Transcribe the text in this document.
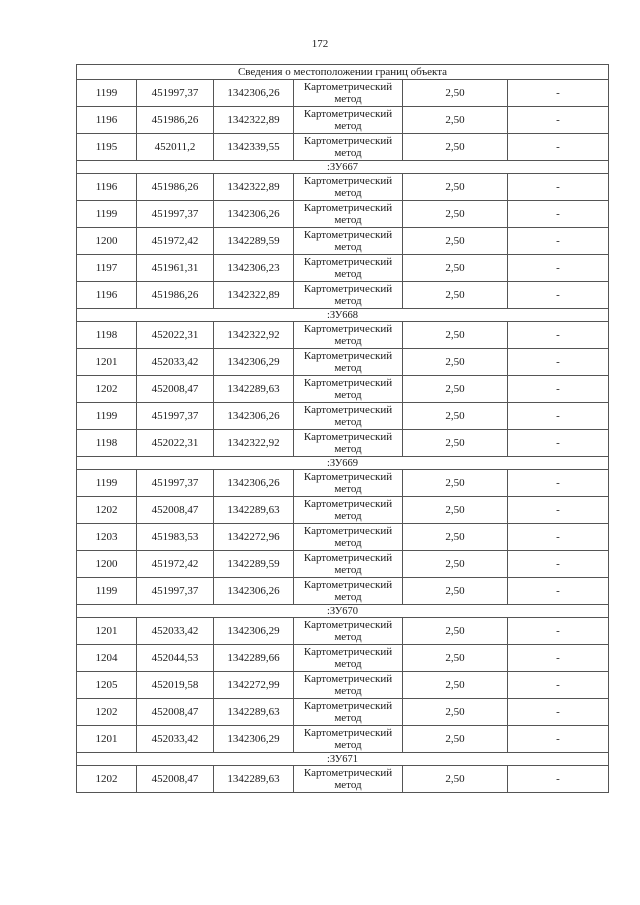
172
Сведения о местоположении границ объекта					
1199	451997,37	1342306,26	Картометрический метод	2,50	-
1196	451986,26	1342322,89	Картометрический метод	2,50	-
1195	452011,2	1342339,55	Картометрический метод	2,50	-
:ЗУ667					
1196	451986,26	1342322,89	Картометрический метод	2,50	-
1199	451997,37	1342306,26	Картометрический метод	2,50	-
1200	451972,42	1342289,59	Картометрический метод	2,50	-
1197	451961,31	1342306,23	Картометрический метод	2,50	-
1196	451986,26	1342322,89	Картометрический метод	2,50	-
:ЗУ668					
1198	452022,31	1342322,92	Картометрический метод	2,50	-
1201	452033,42	1342306,29	Картометрический метод	2,50	-
1202	452008,47	1342289,63	Картометрический метод	2,50	-
1199	451997,37	1342306,26	Картометрический метод	2,50	-
1198	452022,31	1342322,92	Картометрический метод	2,50	-
:ЗУ669					
1199	451997,37	1342306,26	Картометрический метод	2,50	-
1202	452008,47	1342289,63	Картометрический метод	2,50	-
1203	451983,53	1342272,96	Картометрический метод	2,50	-
1200	451972,42	1342289,59	Картометрический метод	2,50	-
1199	451997,37	1342306,26	Картометрический метод	2,50	-
:ЗУ670					
1201	452033,42	1342306,29	Картометрический метод	2,50	-
1204	452044,53	1342289,66	Картометрический метод	2,50	-
1205	452019,58	1342272,99	Картометрический метод	2,50	-
1202	452008,47	1342289,63	Картометрический метод	2,50	-
1201	452033,42	1342306,29	Картометрический метод	2,50	-
:ЗУ671					
1202	452008,47	1342289,63	Картометрический метод	2,50	-
